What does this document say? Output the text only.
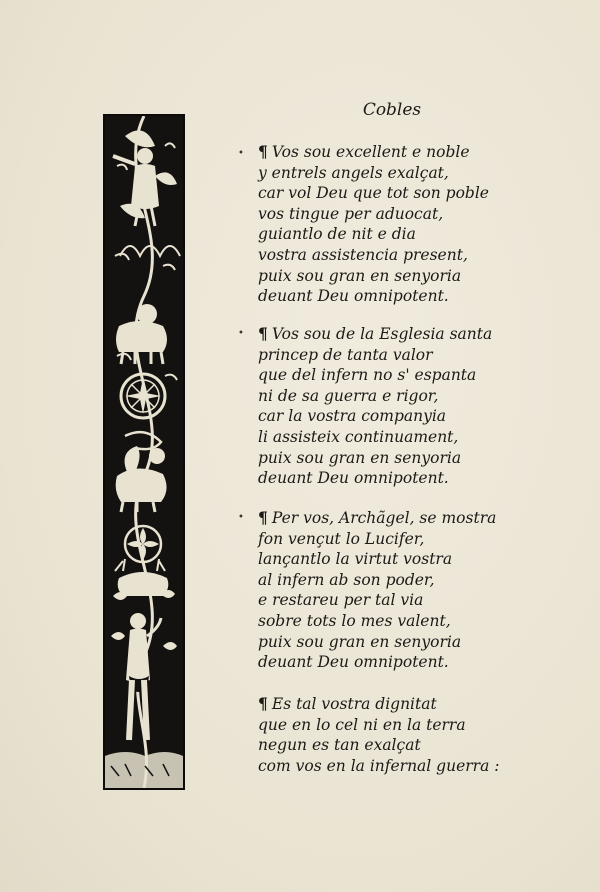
Cobles
•
•
•
¶ Vos sou excellent e noble
y entrels angels exalçat,
car vol Deu que tot son poble
vos tingue per aduocat,
guiantlo de nit e dia
vostra assistencia present,
puix sou gran en senyoria
deuant Deu omnipotent.
¶ Vos sou de la Esglesia santa
princep de tanta valor
que del infern no s' espanta
ni de sa guerra e rigor,
car la vostra companyia
li assisteix continuament,
puix sou gran en senyoria
deuant Deu omnipotent.
¶ Per vos, Archãgel, se mostra
fon vençut lo Lucifer,
lançantlo la virtut vostra
al infern ab son poder,
e restareu per tal via
sobre tots lo mes valent,
puix sou gran en senyoria
deuant Deu omnipotent.
¶ Es tal vostra dignitat
que en lo cel ni en la terra
negun es tan exalçat
com vos en la infernal guerra :
